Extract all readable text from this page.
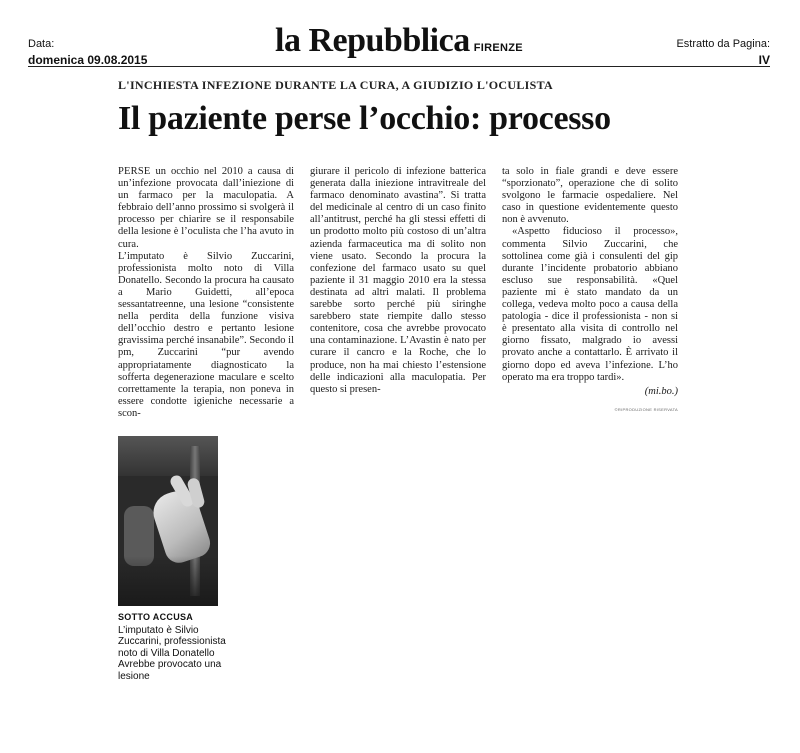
Data:
domenica 09.08.2015
la Repubblica FIRENZE	Estratto da Pagina:
IV
L'INCHIESTA INFEZIONE DURANTE LA CURA, A GIUDIZIO L'OCULISTA
Il paziente perse l’occhio: processo

PERSE un occhio nel 2010 a causa di un’infezione provocata dall’iniezione di un farmaco per la maculopatia. A febbraio dell’anno prossimo si svolgerà il processo per chiarire se il responsabile della lesione è l’oculista che l’ha avuto in cura.

L’imputato è Silvio Zuccarini, professionista molto noto di Villa Donatello. Secondo la procura ha causato a Mario Guidetti, all’epoca sessantatreenne, una lesione “consistente nella perdita della funzione visiva dell’occhio destro e pertanto lesione gravissima perché insanabile”. Secondo il pm, Zuccarini “pur avendo appropriatamente diagnosticato la sofferta degenerazione maculare e scelto correttamente la terapia, non poneva in essere condotte igieniche necessarie a scon-

giurare il pericolo di infezione batterica generata dalla iniezione intravitreale del farmaco denominato avastina”. Si tratta del medicinale al centro di un caso finito all’antitrust, perché ha gli stessi effetti di un prodotto molto più costoso di un’altra azienda farmaceutica ma di solito non viene usato. Secondo la procura la confezione del farmaco usato su quel paziente il 31 maggio 2010 era la stessa destinata ad altri malati. Il problema sarebbe sorto perché più siringhe sarebbero state riempite dallo stesso contenitore, cosa che avrebbe provocato una contaminazione. L’Avastin è nato per curare il cancro e la Roche, che lo produce, non ha mai chiesto l’estensione delle indicazioni alla maculopatia. Per questo si presen-

ta solo in fiale grandi e deve essere “sporzionato”, operazione che di solito svolgono le farmacie ospedaliere. Nel caso in questione evidentemente questo non è avvenuto.

«Aspetto fiducioso il processo», commenta Silvio Zuccarini, che sottolinea come già i consulenti del gip durante l’incidente probatorio abbiano escluso sue responsabilità. «Quel paziente mi è stato mandato da un collega, vedeva molto poco a causa della patologia - dice il professionista - non si è presentato alla visita di controllo nel giorno fissato, malgrado io avessi provato anche a contattarlo. È arrivato il giorno dopo ed aveva l’infezione. L’ho operato ma era troppo tardi».

(mi.bo.)

©RIPRODUZIONE RISERVATA

SOTTO ACCUSA
L’imputato è Silvio Zuccarini, professionista noto di Villa Donatello Avrebbe provocato una lesione
